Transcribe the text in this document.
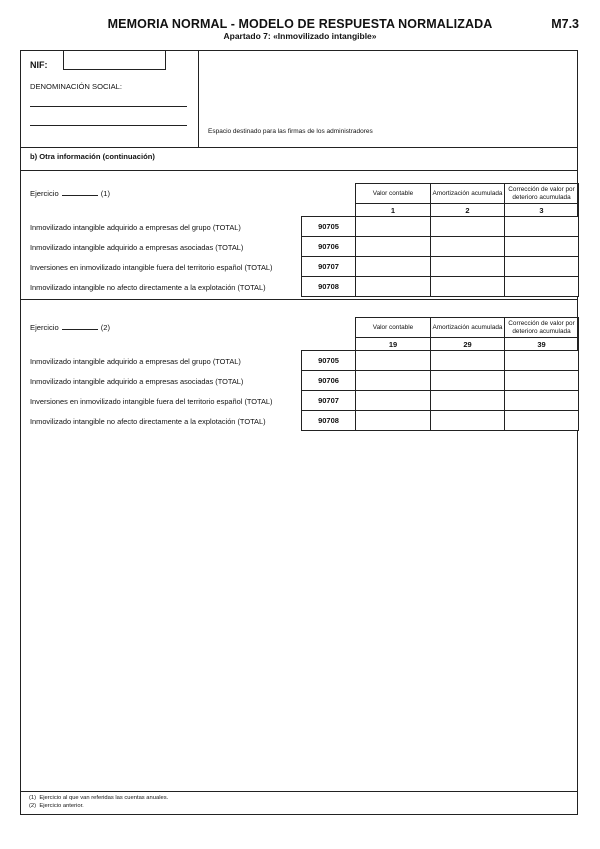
MEMORIA NORMAL - MODELO DE RESPUESTA NORMALIZADA
Apartado 7: «Inmovilizado intangible»
M7.3
NIF:
DENOMINACIÓN SOCIAL:
Espacio destinado para las firmas de los administradores
b) Otra información (continuación)
Ejercicio	(1)	Valor contable	Amortización acumulada
Corrección de valor por deterioro acumulada
1	2	3
Inmovilizado intangible adquirido a empresas del grupo (TOTAL)	90705
Inmovilizado intangible adquirido a empresas asociadas (TOTAL)	90706
Inversiones en inmovilizado intangible fuera del territorio español (TOTAL)	90707
Inmovilizado intangible no afecto directamente a la explotación (TOTAL)	90708
Ejercicio	(2)	Valor contable	Amortización acumulada
Corrección de valor por deterioro acumulada
19	29	39
Inmovilizado intangible adquirido a empresas del grupo (TOTAL)	90705
Inmovilizado intangible adquirido a empresas asociadas (TOTAL)	90706
Inversiones en inmovilizado intangible fuera del territorio español (TOTAL)	90707
Inmovilizado intangible no afecto directamente a la explotación (TOTAL)	90708
(1) Ejercicio al que van referidas las cuentas anuales.
(2) Ejercicio anterior.
